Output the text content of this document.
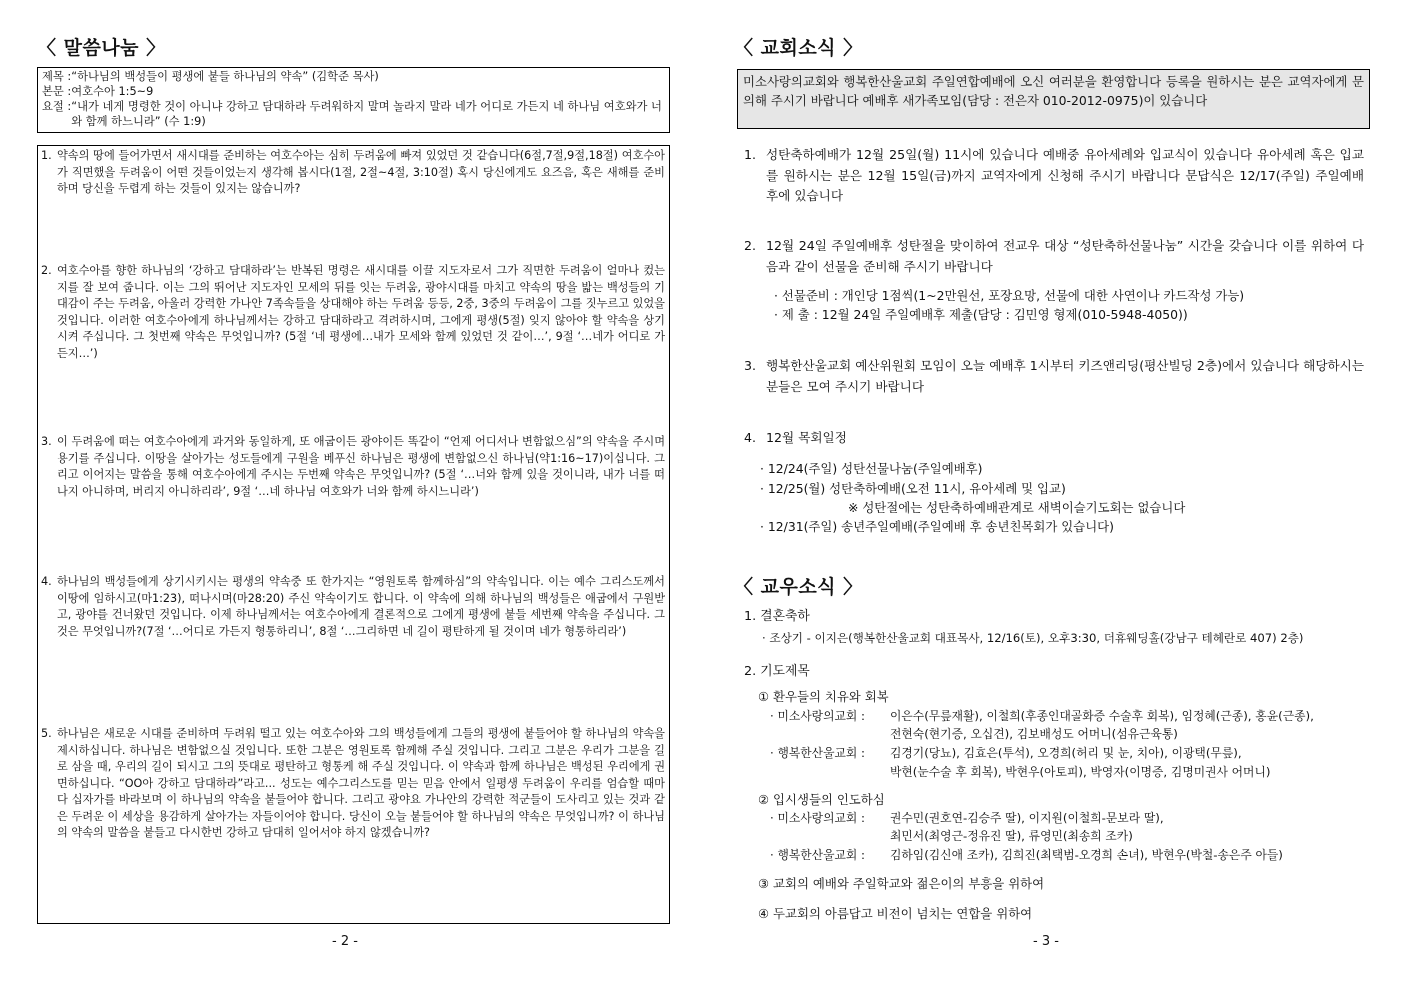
〈 말씀나눔 〉
제목 : “하나님의 백성들이 평생에 붙들 하나님의 약속” (김학준 목사)
본문 : 여호수아 1:5~9
요절 : “내가 네게 명령한 것이 아니냐 강하고 담대하라 두려워하지 말며 놀라지 말라 네가 어디로 가든지 네 하나님 여호와가 너와 함께 하느니라” (수 1:9)
1. 약속의 땅에 들어가면서 새시대를 준비하는 여호수아는 심히 두려움에 빠져 있었던 것 같습니다(6절,7절,9절,18절) 여호수아가 직면했을 두려움이 어떤 것들이었는지 생각해 봅시다(1절, 2절~4절, 3:10절) 혹시 당신에게도 요즈음, 혹은 새해를 준비하며 당신을 두렵게 하는 것들이 있지는 않습니까?
2. 여호수아를 향한 하나님의 ‘강하고 담대하라’는 반복된 명령은 새시대를 이끌 지도자로서 그가 직면한 두려움이 얼마나 컸는지를 잘 보여 줍니다. 이는 그의 뛰어난 지도자인 모세의 뒤를 잇는 두려움, 광야시대를 마치고 약속의 땅을 밟는 백성들의 기대감이 주는 두려움, 아울러 강력한 가나안 7족속들을 상대해야 하는 두려움 등등, 2중, 3중의 두려움이 그를 짓누르고 있었을 것입니다. 이러한 여호수아에게 하나님께서는 강하고 담대하라고 격려하시며, 그에게 평생(5절) 잊지 않아야 할 약속을 상기시켜 주십니다. 그 첫번째 약속은 무엇입니까? (5절 ‘네 평생에…내가 모세와 함께 있었던 것 같이…’, 9절 ‘…네가 어디로 가든지…’)
3. 이 두려움에 떠는 여호수아에게 과거와 동일하게, 또 애굽이든 광야이든 똑같이 “언제 어디서나 변함없으심”의 약속을 주시며 용기를 주십니다. 이땅을 살아가는 성도들에게 구원을 베푸신 하나님은 평생에 변함없으신 하나님(약1:16~17)이십니다. 그리고 이어지는 말씀을 통해 여호수아에게 주시는 두번째 약속은 무엇입니까? (5절 ‘…너와 함께 있을 것이니라, 내가 너를 떠나지 아니하며, 버리지 아니하리라’, 9절 ‘…네 하나님 여호와가 너와 함께 하시느니라’)
4. 하나님의 백성들에게 상기시키시는 평생의 약속중 또 한가지는 “영원토록 함께하심”의 약속입니다. 이는 예수 그리스도께서 이땅에 임하시고(마1:23), 떠나시며(마28:20) 주신 약속이기도 합니다. 이 약속에 의해 하나님의 백성들은 애굽에서 구원받고, 광야를 건너왔던 것입니다. 이제 하나님께서는 여호수아에게 결론적으로 그에게 평생에 붙들 세번째 약속을 주십니다. 그것은 무엇입니까?(7절 ‘…어디로 가든지 형통하리니’, 8절 ‘…그리하면 네 길이 평탄하게 될 것이며 네가 형통하리라’)
5. 하나님은 새로운 시대를 준비하며 두려워 떨고 있는 여호수아와 그의 백성들에게 그들의 평생에 붙들어야 할 하나님의 약속을 제시하십니다. 하나님은 변함없으실 것입니다. 또한 그분은 영원토록 함께해 주실 것입니다. 그리고 그분은 우리가 그분을 길로 삼을 때, 우리의 길이 되시고 그의 뜻대로 평탄하고 형통케 해 주실 것입니다. 이 약속과 함께 하나님은 백성된 우리에게 권면하십니다. “OO아 강하고 담대하라”라고... 성도는 예수그리스도를 믿는 믿음 안에서 일평생 두려움이 우리를 엄습할 때마다 십자가를 바라보며 이 하나님의 약속을 붙들어야 합니다. 그리고 광야요 가나안의 강력한 적군들이 도사리고 있는 것과 같은 두려운 이 세상을 용감하게 살아가는 자들이어야 합니다. 당신이 오늘 붙들어야 할 하나님의 약속은 무엇입니까? 이 하나님의 약속의 말씀을 붙들고 다시한번 강하고 담대히 일어서야 하지 않겠습니까?
- 2 -
〈 교회소식 〉
미소사랑의교회와 행복한산울교회 주일연합예배에 오신 여러분을 환영합니다 등록을 원하시는 분은 교역자에게 문의해 주시기 바랍니다 예배후 새가족모임(담당 : 전은자 010-2012-0975)이 있습니다
1. 성탄축하예배가 12월 25일(월) 11시에 있습니다 예배중 유아세례와 입교식이 있습니다 유아세례 혹은 입교를 원하시는 분은 12월 15일(금)까지 교역자에게 신청해 주시기 바랍니다 문답식은 12/17(주일) 주일예배 후에 있습니다
2. 12월 24일 주일예배후 성탄절을 맞이하여 전교우 대상 “성탄축하선물나눔” 시간을 갖습니다 이를 위하여 다음과 같이 선물을 준비해 주시기 바랍니다
· 선물준비 : 개인당 1점씩(1~2만원선, 포장요망, 선물에 대한 사연이나 카드작성 가능)
· 제 출 : 12월 24일 주일예배후 제출(담당 : 김민영 형제(010-5948-4050))
3. 행복한산울교회 예산위원회 모임이 오늘 예배후 1시부터 키즈앤리딩(평산빌딩 2층)에서 있습니다 해당하시는 분들은 모여 주시기 바랍니다
4. 12월 목회일정
· 12/24(주일) 성탄선물나눔(주일예배후)
· 12/25(월) 성탄축하예배(오전 11시, 유아세례 및 입교)
※ 성탄절에는 성탄축하예배관계로 새벽이슬기도회는 없습니다
· 12/31(주일) 송년주일예배(주일예배 후 송년친목회가 있습니다)
〈 교우소식 〉
1. 결혼축하
· 조상기 - 이지은(행복한산울교회 대표목사, 12/16(토), 오후3:30, 더휴웨딩홀(강남구 테헤란로 407) 2층)
2. 기도제목
① 환우들의 치유와 회복
· 미소사랑의교회 : 이은수(무릎재활), 이철희(후종인대골화증 수술후 회복), 임정혜(근종), 홍윤(근종),
전현숙(현기증, 오십견), 김보배성도 어머니(섬유근육통)
· 행복한산울교회 : 김경기(당뇨), 김효은(투석), 오경희(허리 및 눈, 치아), 이광택(무릎),
박현(눈수술 후 회복), 박현우(아토피), 박영자(이명증, 김명미권사 어머니)
② 입시생들의 인도하심
· 미소사랑의교회 : 권수민(권호연-김승주 딸), 이지원(이철희-문보라 딸),
최민서(최영근-정유진 딸), 류영민(최송희 조카)
· 행복한산울교회 : 김하임(김신애 조카), 김희진(최택범-오경희 손녀), 박현우(박철-송은주 아들)
③ 교회의 예배와 주일학교와 젊은이의 부흥을 위하여
④ 두교회의 아름답고 비전이 넘치는 연합을 위하여
- 3 -
